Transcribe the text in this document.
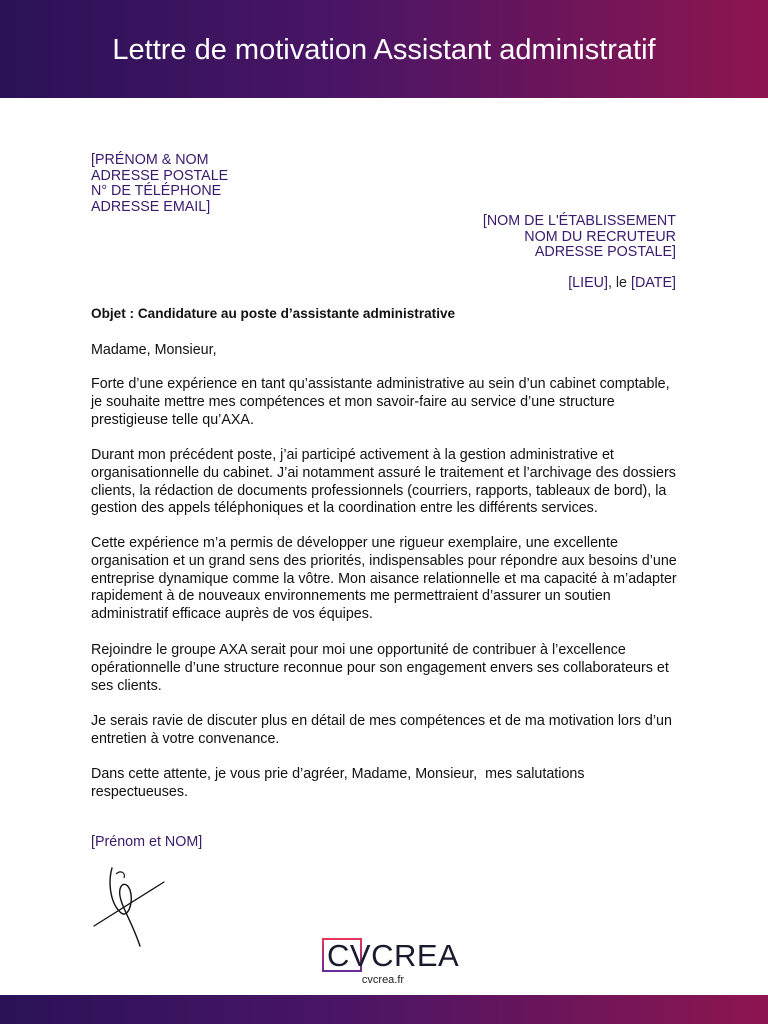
Lettre de motivation Assistant administratif
[PRÉNOM & NOM
ADRESSE POSTALE
N° DE TÉLÉPHONE
ADRESSE EMAIL]
[NOM DE L'ÉTABLISSEMENT
NOM DU RECRUTEUR
ADRESSE POSTALE]
[LIEU], le [DATE]
Objet : Candidature au poste d’assistante administrative
Madame, Monsieur,
Forte d’une expérience en tant qu’assistante administrative au sein d’un cabinet comptable,
je souhaite mettre mes compétences et mon savoir-faire au service d’une structure
prestigieuse telle qu’AXA.
Durant mon précédent poste, j’ai participé activement à la gestion administrative et
organisationnelle du cabinet. J’ai notamment assuré le traitement et l’archivage des dossiers
clients, la rédaction de documents professionnels (courriers, rapports, tableaux de bord), la
gestion des appels téléphoniques et la coordination entre les différents services.
Cette expérience m’a permis de développer une rigueur exemplaire, une excellente
organisation et un grand sens des priorités, indispensables pour répondre aux besoins d’une
entreprise dynamique comme la vôtre. Mon aisance relationnelle et ma capacité à m’adapter
rapidement à de nouveaux environnements me permettraient d’assurer un soutien
administratif efficace auprès de vos équipes.
Rejoindre le groupe AXA serait pour moi une opportunité de contribuer à l’excellence
opérationnelle d’une structure reconnue pour son engagement envers ses collaborateurs et
ses clients.
Je serais ravie de discuter plus en détail de mes compétences et de ma motivation lors d’un
entretien à votre convenance.
Dans cette attente, je vous prie d’agréer, Madame, Monsieur,  mes salutations
respectueuses.
[Prénom et NOM]
CVCREA
cvcrea.fr
